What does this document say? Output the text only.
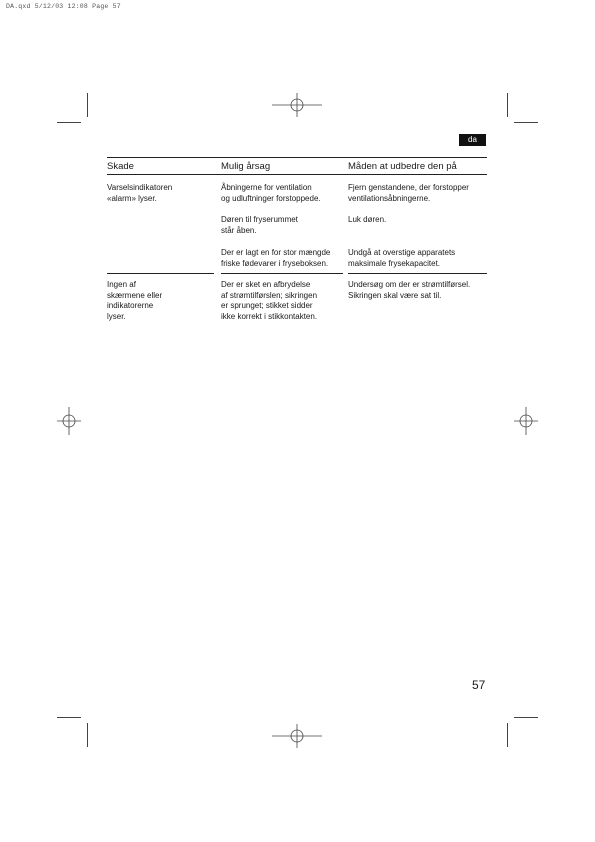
DA.qxd 5/12/03 12:08 Page 57
da
Skade	Mulig årsag	Måden at udbedre den på
Varselsindikatoren
«alarm» lyser.
Åbningerne for ventilation
og udluftninger forstoppede.
Fjern genstandene, der forstopper
ventilationsåbningerne.
Døren til fryserummet
står åben.
Luk døren.
Der er lagt en for stor mængde
friske fødevarer i fryseboksen.
Undgå at overstige apparatets
maksimale frysekapacitet.
Ingen af
skærmene eller
indikatorerne
lyser.
Der er sket en afbrydelse
af strømtilførslen; sikringen
er sprunget; stikket sidder
ikke korrekt i stikkontakten.
Undersøg om der er strømtilførsel.
Sikringen skal være sat til.
57
